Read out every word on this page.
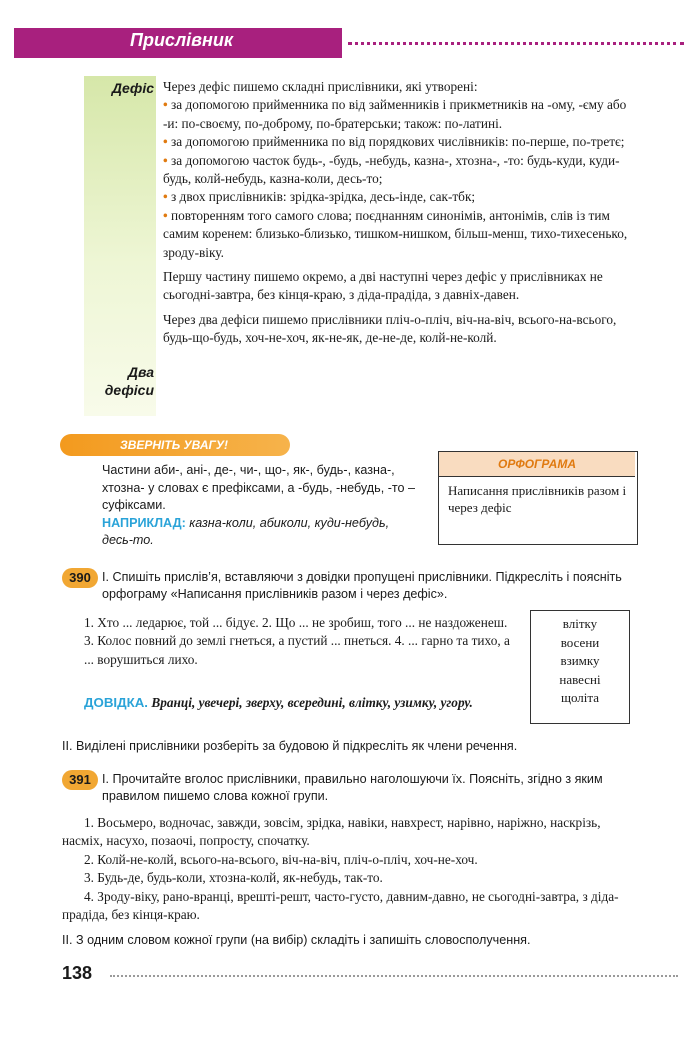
Прислівник
Дефіс
Два
дефіси

Через дефіс пишемо складні прислівники, які утворені:

• за допомогою прийменника по від займенників і прикметників на -ому, -єму або -и: по-своєму, по-доброму, по-братерськи; також: по-латині.

• за допомогою прийменника по від порядкових числівників: по-перше, по-третє;

• за допомогою часток будь-, -будь, -небудь, казна-, хтозна-, -то: будь-куди, куди-будь, колй-небудь, казна-коли, десь-то;

• з двох прислівників: зрідка-зрідка, десь-інде, сак-тбк;

• повторенням того самого слова; поєднанням синонімів, антонімів, слів із тим самим коренем: близько-близько, тишком-нишком, більш-менш, тихо-тихесенько, зроду-віку.

Першу частину пишемо окремо, а дві наступні через дефіс у прислівниках не сьогодні-завтра, без кінця-краю, з діда-прадіда, з давніх-давен.

Через два дефіси пишемо прислівники пліч-о-пліч, віч-на-віч, всього-на-всього, будь-що-будь, хоч-не-хоч, як-не-як, де-не-де, колй-не-колй.

ЗВЕРНІТЬ УВАГУ!
Частини аби-, ані-, де-, чи-, що-, як-, будь-, казна-, хтозна- у словах є префіксами, а -будь, -небудь, -то – суфіксами.
НАПРИКЛАД: казна-коли, абиколи, куди-небудь, десь-то.
ОРФОГРАМА
Написання прислівників разом і через дефіс
390 І. Спишіть прислів’я, вставляючи з довідки пропущені прислівники. Підкресліть і поясніть орфограму «Написання прислівників разом і через дефіс».
1. Хто ... ледарює, той ... бідує. 2. Що ... не зробиш, того ... не наздоженеш. 3. Колос повний до землі гнеться, а пустий ... пнеться. 4. ... гарно та тихо, а ... ворушиться лихо.
ДОВІДКА. Вранці, увечері, зверху, всередині, влітку, узимку, угору.
влітку
восени
взимку
навесні
щоліта
ІІ. Виділені прислівники розберіть за будовою й підкресліть як члени речення.
391 І. Прочитайте вголос прислівники, правильно наголошуючи їх. Поясніть, згідно з яким правилом пишемо слова кожної групи.
1. Восьмеро, водночас, завжди, зовсім, зрідка, навіки, навхрест, нарівно, наріжно, наскрізь, насміх, насухо, позаочі, попросту, спочатку.
2. Колй-не-колй, всього-на-всього, віч-на-віч, пліч-о-пліч, хоч-не-хоч.
3. Будь-де, будь-коли, хтозна-колй, як-небудь, так-то.
4. Зроду-віку, рано-вранці, врешті-решт, часто-густо, давним-давно, не сьогодні-завтра, з діда-прадіда, без кінця-краю.
ІІ. З одним словом кожної групи (на вибір) складіть і запишіть словосполучення.
138
